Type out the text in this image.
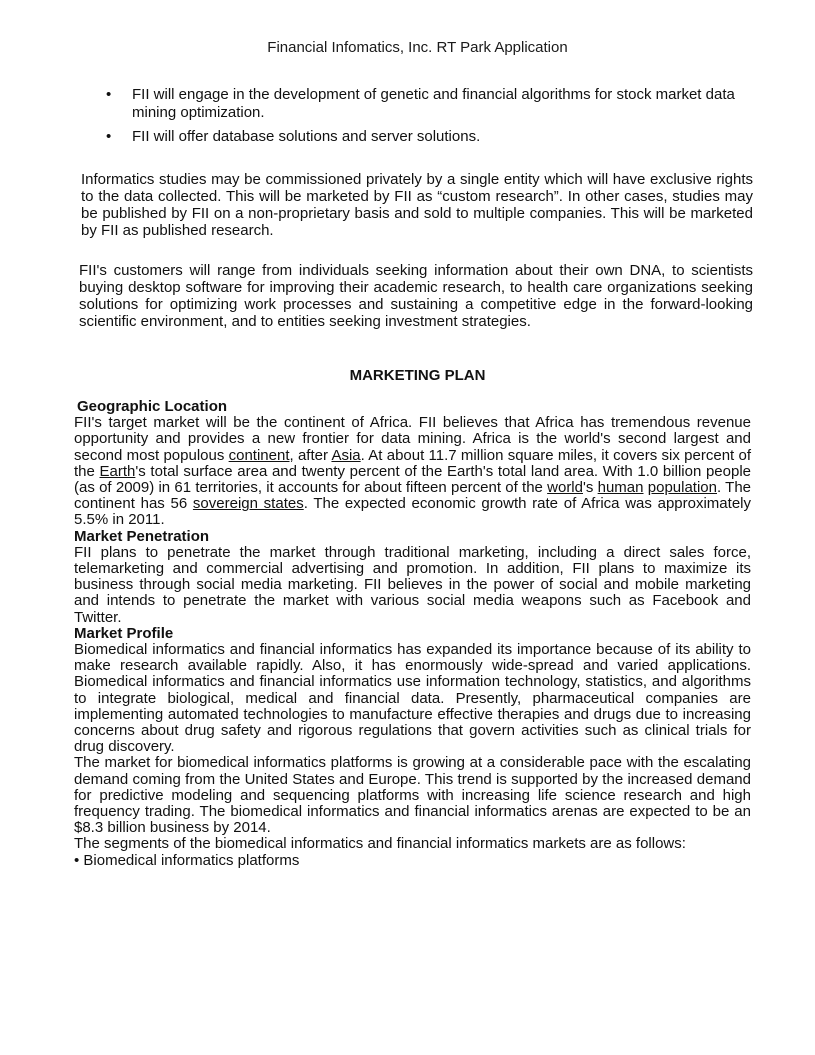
Financial Infomatics, Inc. RT Park Application
• FII will engage in the development of genetic and financial algorithms for stock market data mining optimization.
• FII will offer database solutions and server solutions.

Informatics studies may be commissioned privately by a single entity which will have exclusive rights to the data collected. This will be marketed by FII as “custom research”. In other cases, studies may be published by FII on a non-proprietary basis and sold to multiple companies. This will be marketed by FII as published research.

FII's customers will range from individuals seeking information about their own DNA, to scientists buying desktop software for improving their academic research, to health care organizations seeking solutions for optimizing work processes and sustaining a competitive edge in the forward-looking scientific environment, and to entities seeking investment strategies.

MARKETING PLAN
Geographic Location

FII's target market will be the continent of Africa. FII believes that Africa has tremendous revenue opportunity and provides a new frontier for data mining. Africa is the world's second largest and second most populous continent, after Asia. At about 11.7 million square miles, it covers six percent of the Earth's total surface area and twenty percent of the Earth's total land area. With 1.0 billion people (as of 2009) in 61 territories, it accounts for about fifteen percent of the world's human population. The continent has 56 sovereign states. The expected economic growth rate of Africa was approximately 5.5% in 2011.

Market Penetration

FII plans to penetrate the market through traditional marketing, including a direct sales force, telemarketing and commercial advertising and promotion. In addition, FII plans to maximize its business through social media marketing. FII believes in the power of social and mobile marketing and intends to penetrate the market with various social media weapons such as Facebook and Twitter.

Market Profile

Biomedical informatics and financial informatics has expanded its importance because of its ability to make research available rapidly. Also, it has enormously wide-spread and varied applications. Biomedical informatics and financial informatics use information technology, statistics, and algorithms to integrate biological, medical and financial data. Presently, pharmaceutical companies are implementing automated technologies to manufacture effective therapies and drugs due to increasing concerns about drug safety and rigorous regulations that govern activities such as clinical trials for drug discovery.

The market for biomedical informatics platforms is growing at a considerable pace with the escalating demand coming from the United States and Europe. This trend is supported by the increased demand for predictive modeling and sequencing platforms with increasing life science research and high frequency trading. The biomedical informatics and financial informatics arenas are expected to be an $8.3 billion business by 2014.

The segments of the biomedical informatics and financial informatics markets are as follows:

• Biomedical informatics platforms
